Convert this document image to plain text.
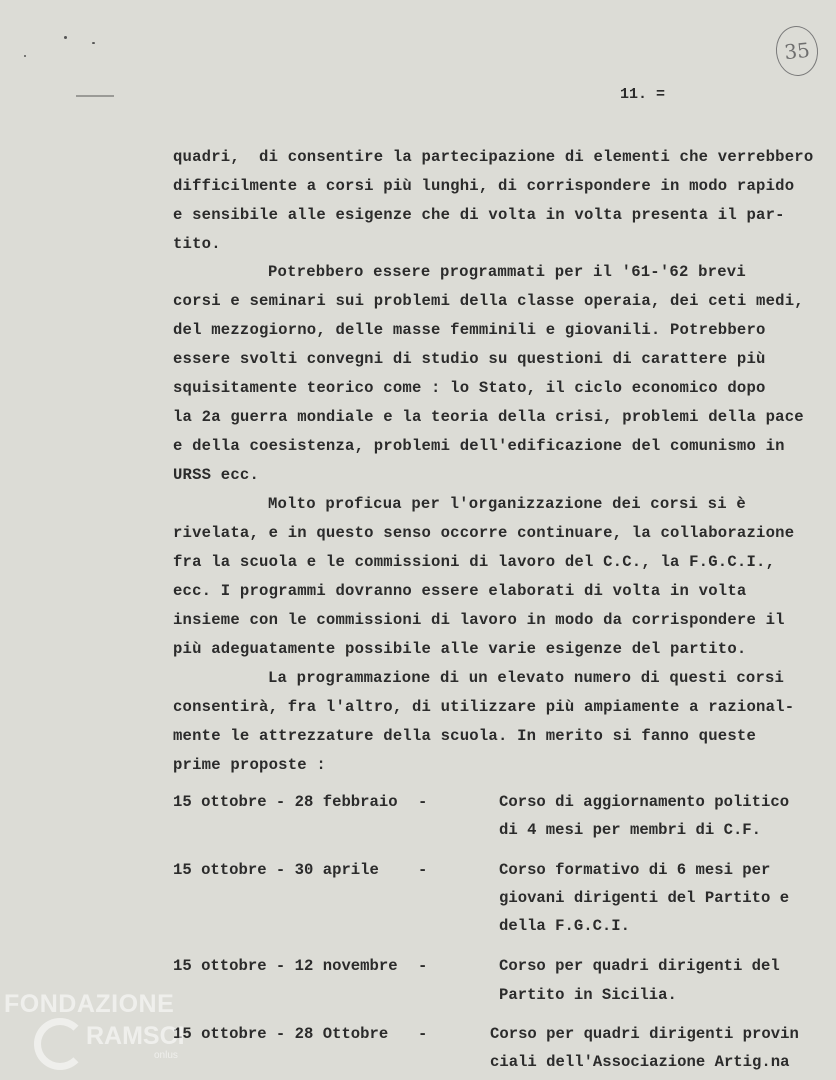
35
11. =
quadri,  di consentire la partecipazione di elementi che verrebbero
difficilmente a corsi più lunghi, di corrispondere in modo rapido
e sensibile alle esigenze che di volta in volta presenta il par-
tito.
Potrebbero essere programmati per il '61-'62 brevi
corsi e seminari sui problemi della classe operaia, dei ceti medi,
del mezzogiorno, delle masse femminili e giovanili. Potrebbero
essere svolti convegni di studio su questioni di carattere più
squisitamente teorico come : lo Stato, il ciclo economico dopo
la 2a guerra mondiale e la teoria della crisi, problemi della pace
e della coesistenza, problemi dell'edificazione del comunismo in
URSS ecc.
Molto proficua per l'organizzazione dei corsi si è
rivelata, e in questo senso occorre continuare, la collaborazione
fra la scuola e le commissioni di lavoro del C.C., la F.G.C.I.,
ecc. I programmi dovranno essere elaborati di volta in volta
insieme con le commissioni di lavoro in modo da corrispondere il
più adeguatamente possibile alle varie esigenze del partito.
La programmazione di un elevato numero di questi corsi
consentirà, fra l'altro, di utilizzare più ampiamente a razional-
mente le attrezzature della scuola. In merito si fanno queste
prime proposte :
15 ottobre - 28 febbraio -	Corso di aggiornamento politico
di 4 mesi per membri di C.F.
15 ottobre - 30 aprile	-	Corso formativo di 6 mesi per
giovani dirigenti del Partito e
della F.G.C.I.
15 ottobre - 12 novembre -	Corso per quadri dirigenti del
Partito in Sicilia.
15 ottobre - 28 Ottobre -	Corso per quadri dirigenti provin
ciali dell'Associazione Artig.na
FONDAZIONE
RAMSCI
onlus
